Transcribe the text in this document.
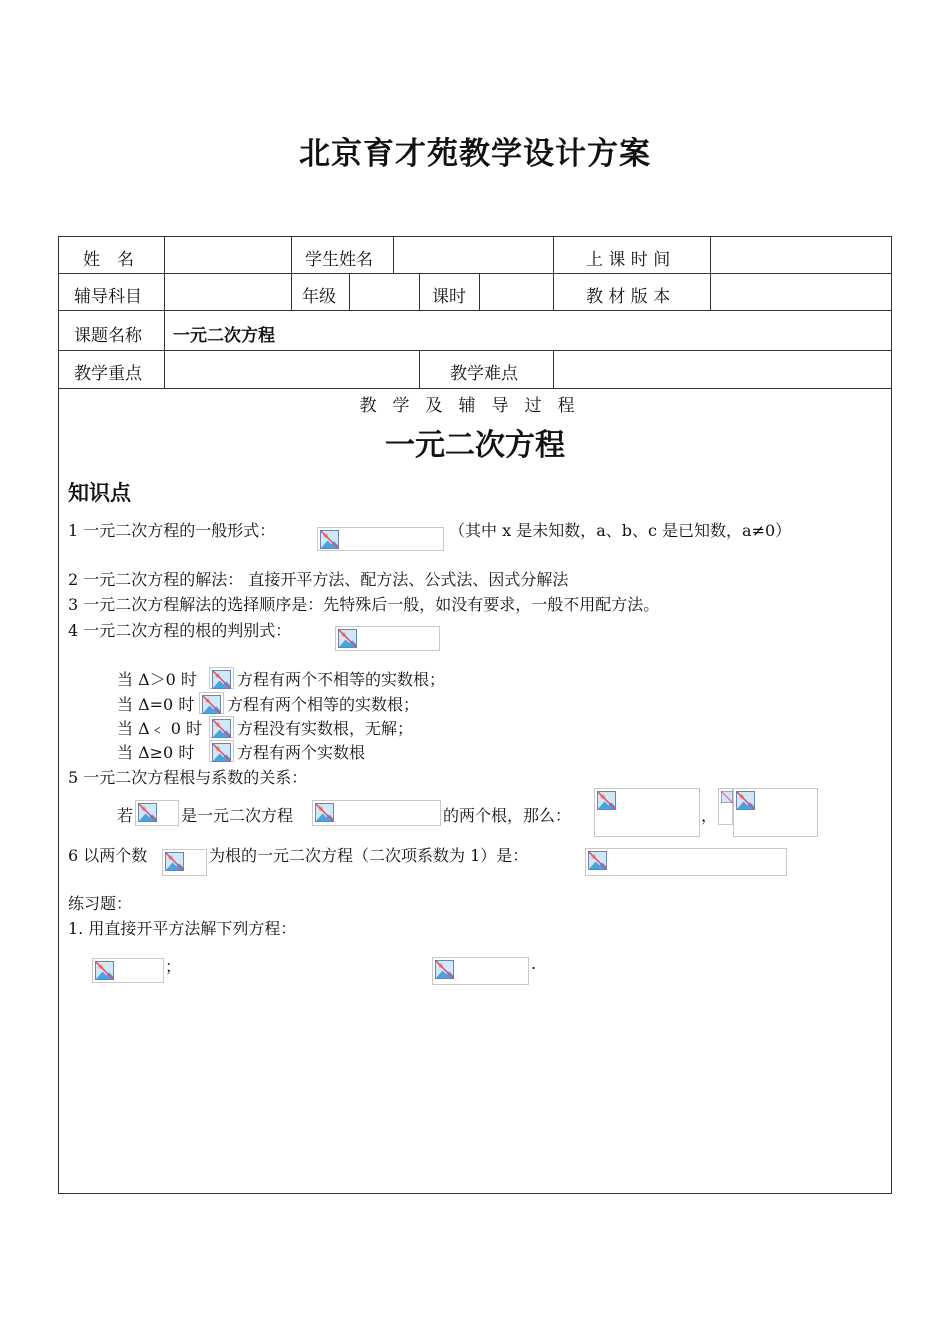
北京育才苑教学设计方案
姓　名	学生姓名	上 课 时 间
辅导科目	年级	课时	教 材 版 本
课题名称 一元二次方程
教学重点	教学难点
教学及辅导过程
一元二次方程
知识点
1 一元二次方程的一般形式：	（其中 x 是未知数，a、b、c 是已知数，a≠0）
2 一元二次方程的解法： 直接开平方法、配方法、公式法、因式分解法
3 一元二次方程解法的选择顺序是：先特殊后一般，如没有要求，一般不用配方法。
4 一元二次方程的根的判别式：
当 Δ＞0 时	方程有两个不相等的实数根；
当 Δ=0 时 方程有两个相等的实数根；
当 Δ﹤ 0 时 方程没有实数根，无解；
当 Δ≥0 时	方程有两个实数根
5 一元二次方程根与系数的关系：
若	是一元二次方程	的两个根，那么：	，
6 以两个数	为根的一元二次方程（二次项系数为 1）是：
练习题：
1. 用直接开平方法解下列方程：
；	.
